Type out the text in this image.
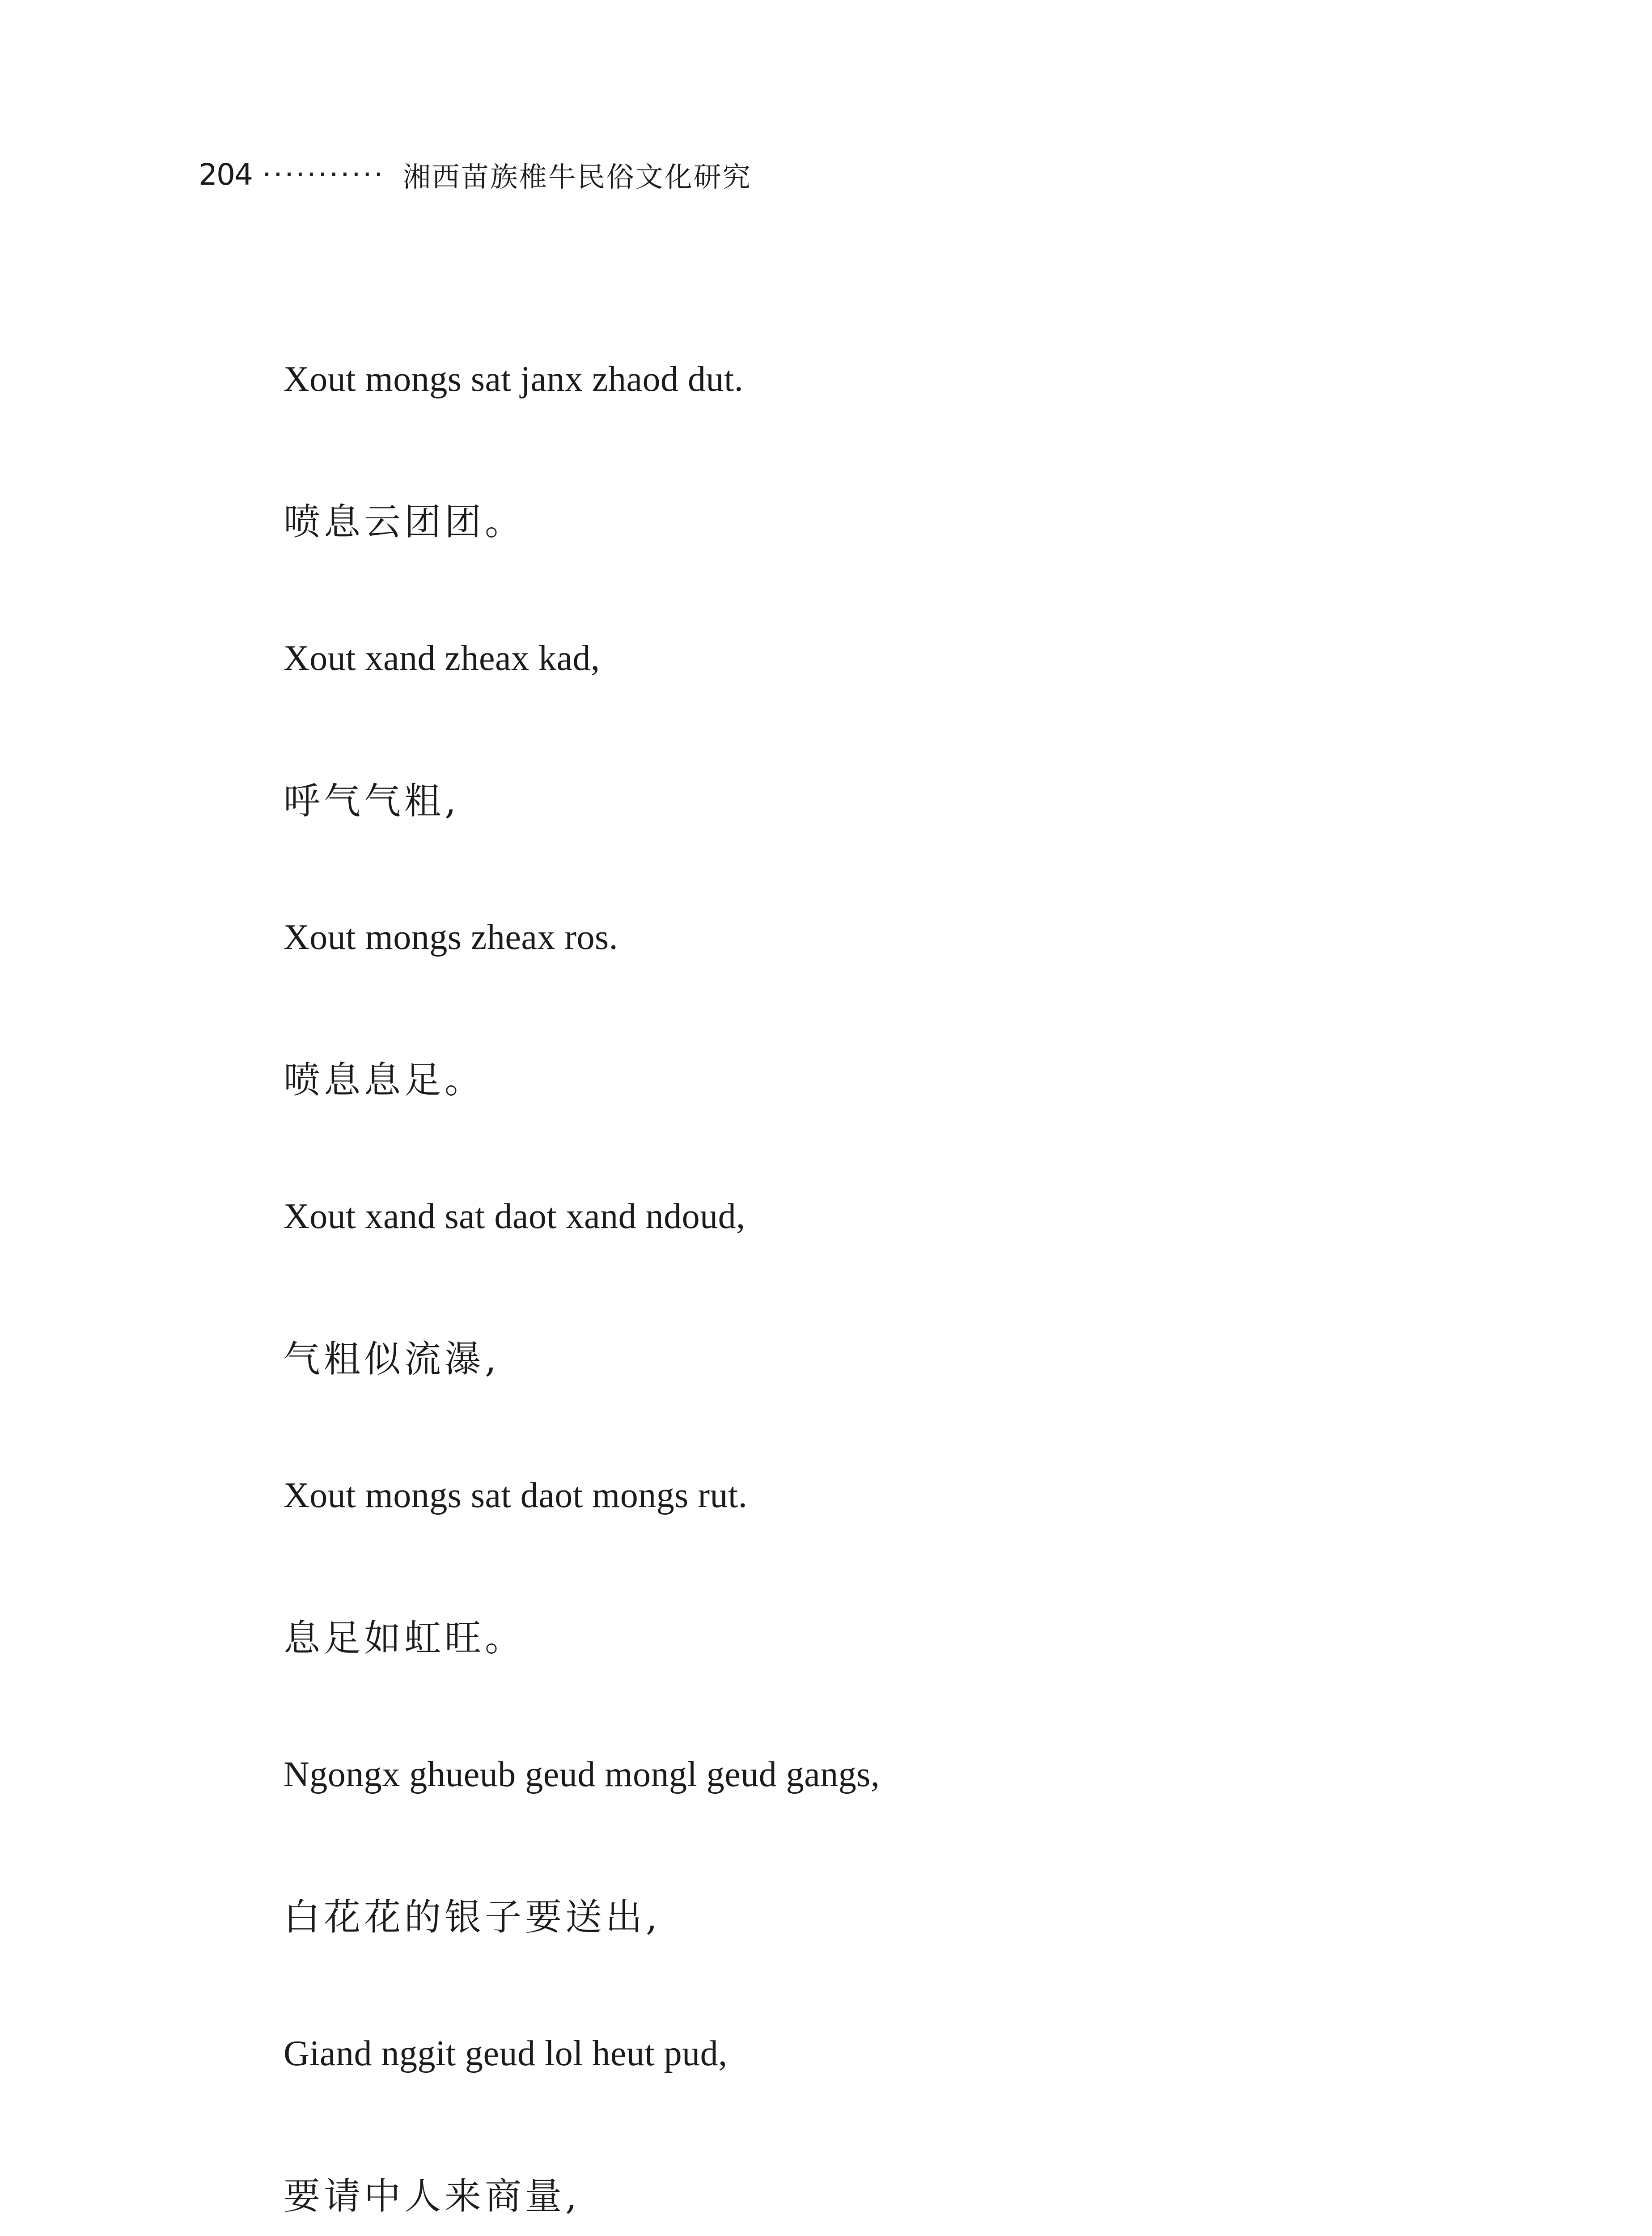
204 ··········· 湘西苗族椎牛民俗文化研究
Xout mongs sat janx zhaod dut.
喷息云团团。
Xout xand zheax kad,
呼气气粗,
Xout mongs zheax ros.
喷息息足。
Xout xand sat daot xand ndoud,
气粗似流瀑,
Xout mongs sat daot mongs rut.
息足如虹旺。
Ngongx ghueub geud mongl geud gangs,
白花花的银子要送出,
Giand nggit geud lol heut pud,
要请中人来商量,
